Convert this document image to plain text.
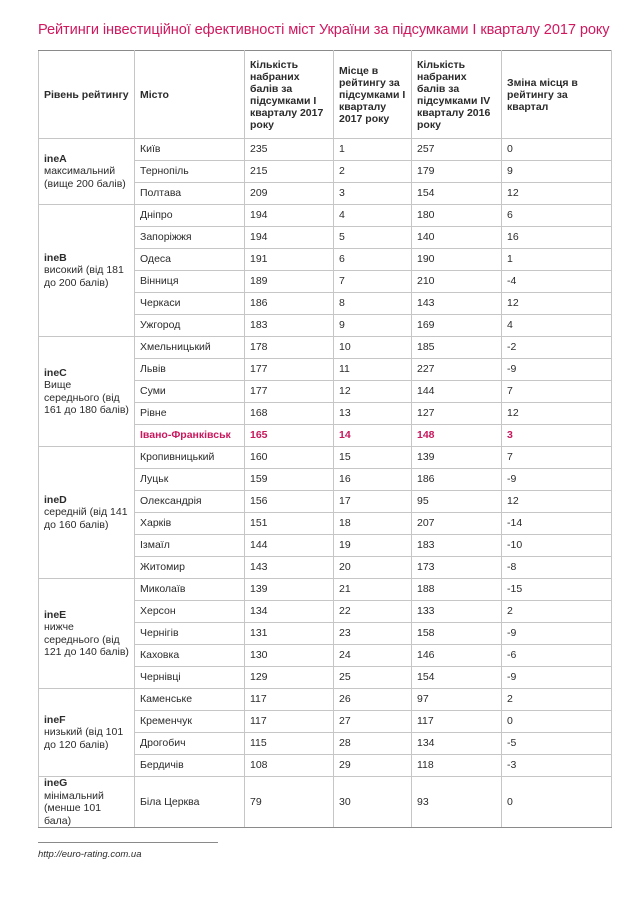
Рейтинги інвестиційної ефективності міст України за підсумками І кварталу 2017 року
Рівень рейтингу	Місто	Кількість набраних балів за підсумками I кварталу 2017 року	Місце в рейтингу за підсумками I кварталу 2017 року	Кількість набраних балів за підсумками IV кварталу 2016 року	Зміна місця в рейтингу за квартал

ineA
максимальний (вище 200 балів)	Київ	235	1	257	0
	Тернопіль	215	2	179	9
	Полтава	209	3	154	12

ineB
високий (від 181 до 200 балів)	Дніпро	194	4	180	6
	Запоріжжя	194	5	140	16
	Одеса	191	6	190	1
	Вінниця	189	7	210	-4
	Черкаси	186	8	143	12
	Ужгород	183	9	169	4

ineC
Вище середнього (від 161 до 180 балів)	Хмельницький	178	10	185	-2
	Львів	177	11	227	-9
	Суми	177	12	144	7
	Рівне	168	13	127	12
	Івано-Франківськ	165	14	148	3

ineD
середній (від 141 до 160 балів)	Кропивницький	160	15	139	7
	Луцьк	159	16	186	-9
	Олександрія	156	17	95	12
	Харків	151	18	207	-14
	Ізмаїл	144	19	183	-10
	Житомир	143	20	173	-8

ineE
нижче середнього (від 121 до 140 балів)	Миколаїв	139	21	188	-15
	Херсон	134	22	133	2
	Чернігів	131	23	158	-9
	Каховка	130	24	146	-6
	Чернівці	129	25	154	-9

ineF
низький (від 101 до 120 балів)	Каменське	117	26	97	2
	Кременчук	117	27	117	0
	Дрогобич	115	28	134	-5
	Бердичів	108	29	118	-3
ineG мінімальний (менше 101 бала)	Біла Церква	79	30	93	0
http://euro-rating.com.ua
